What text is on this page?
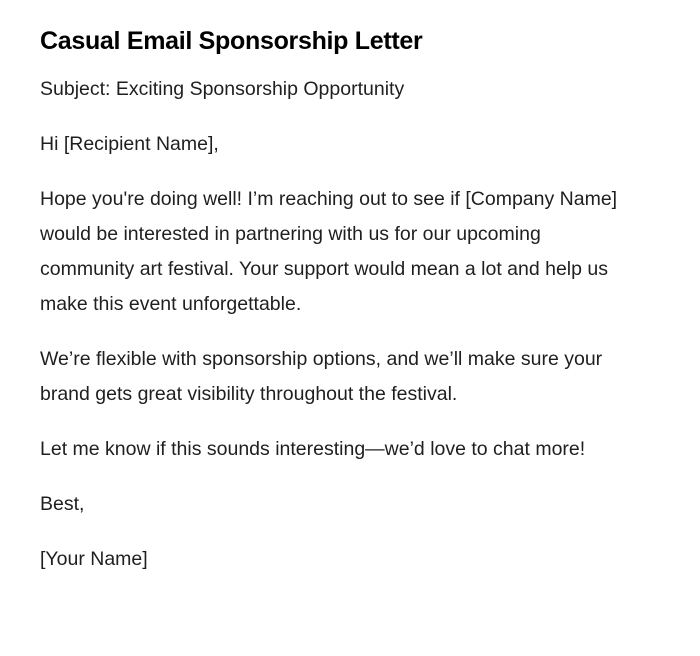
Casual Email Sponsorship Letter

Subject: Exciting Sponsorship Opportunity

Hi [Recipient Name],

Hope you're doing well! I’m reaching out to see if [Company Name] would be interested in partnering with us for our upcoming community art festival. Your support would mean a lot and help us make this event unforgettable.

We’re flexible with sponsorship options, and we’ll make sure your brand gets great visibility throughout the festival.

Let me know if this sounds interesting—we’d love to chat more!

Best,

[Your Name]
